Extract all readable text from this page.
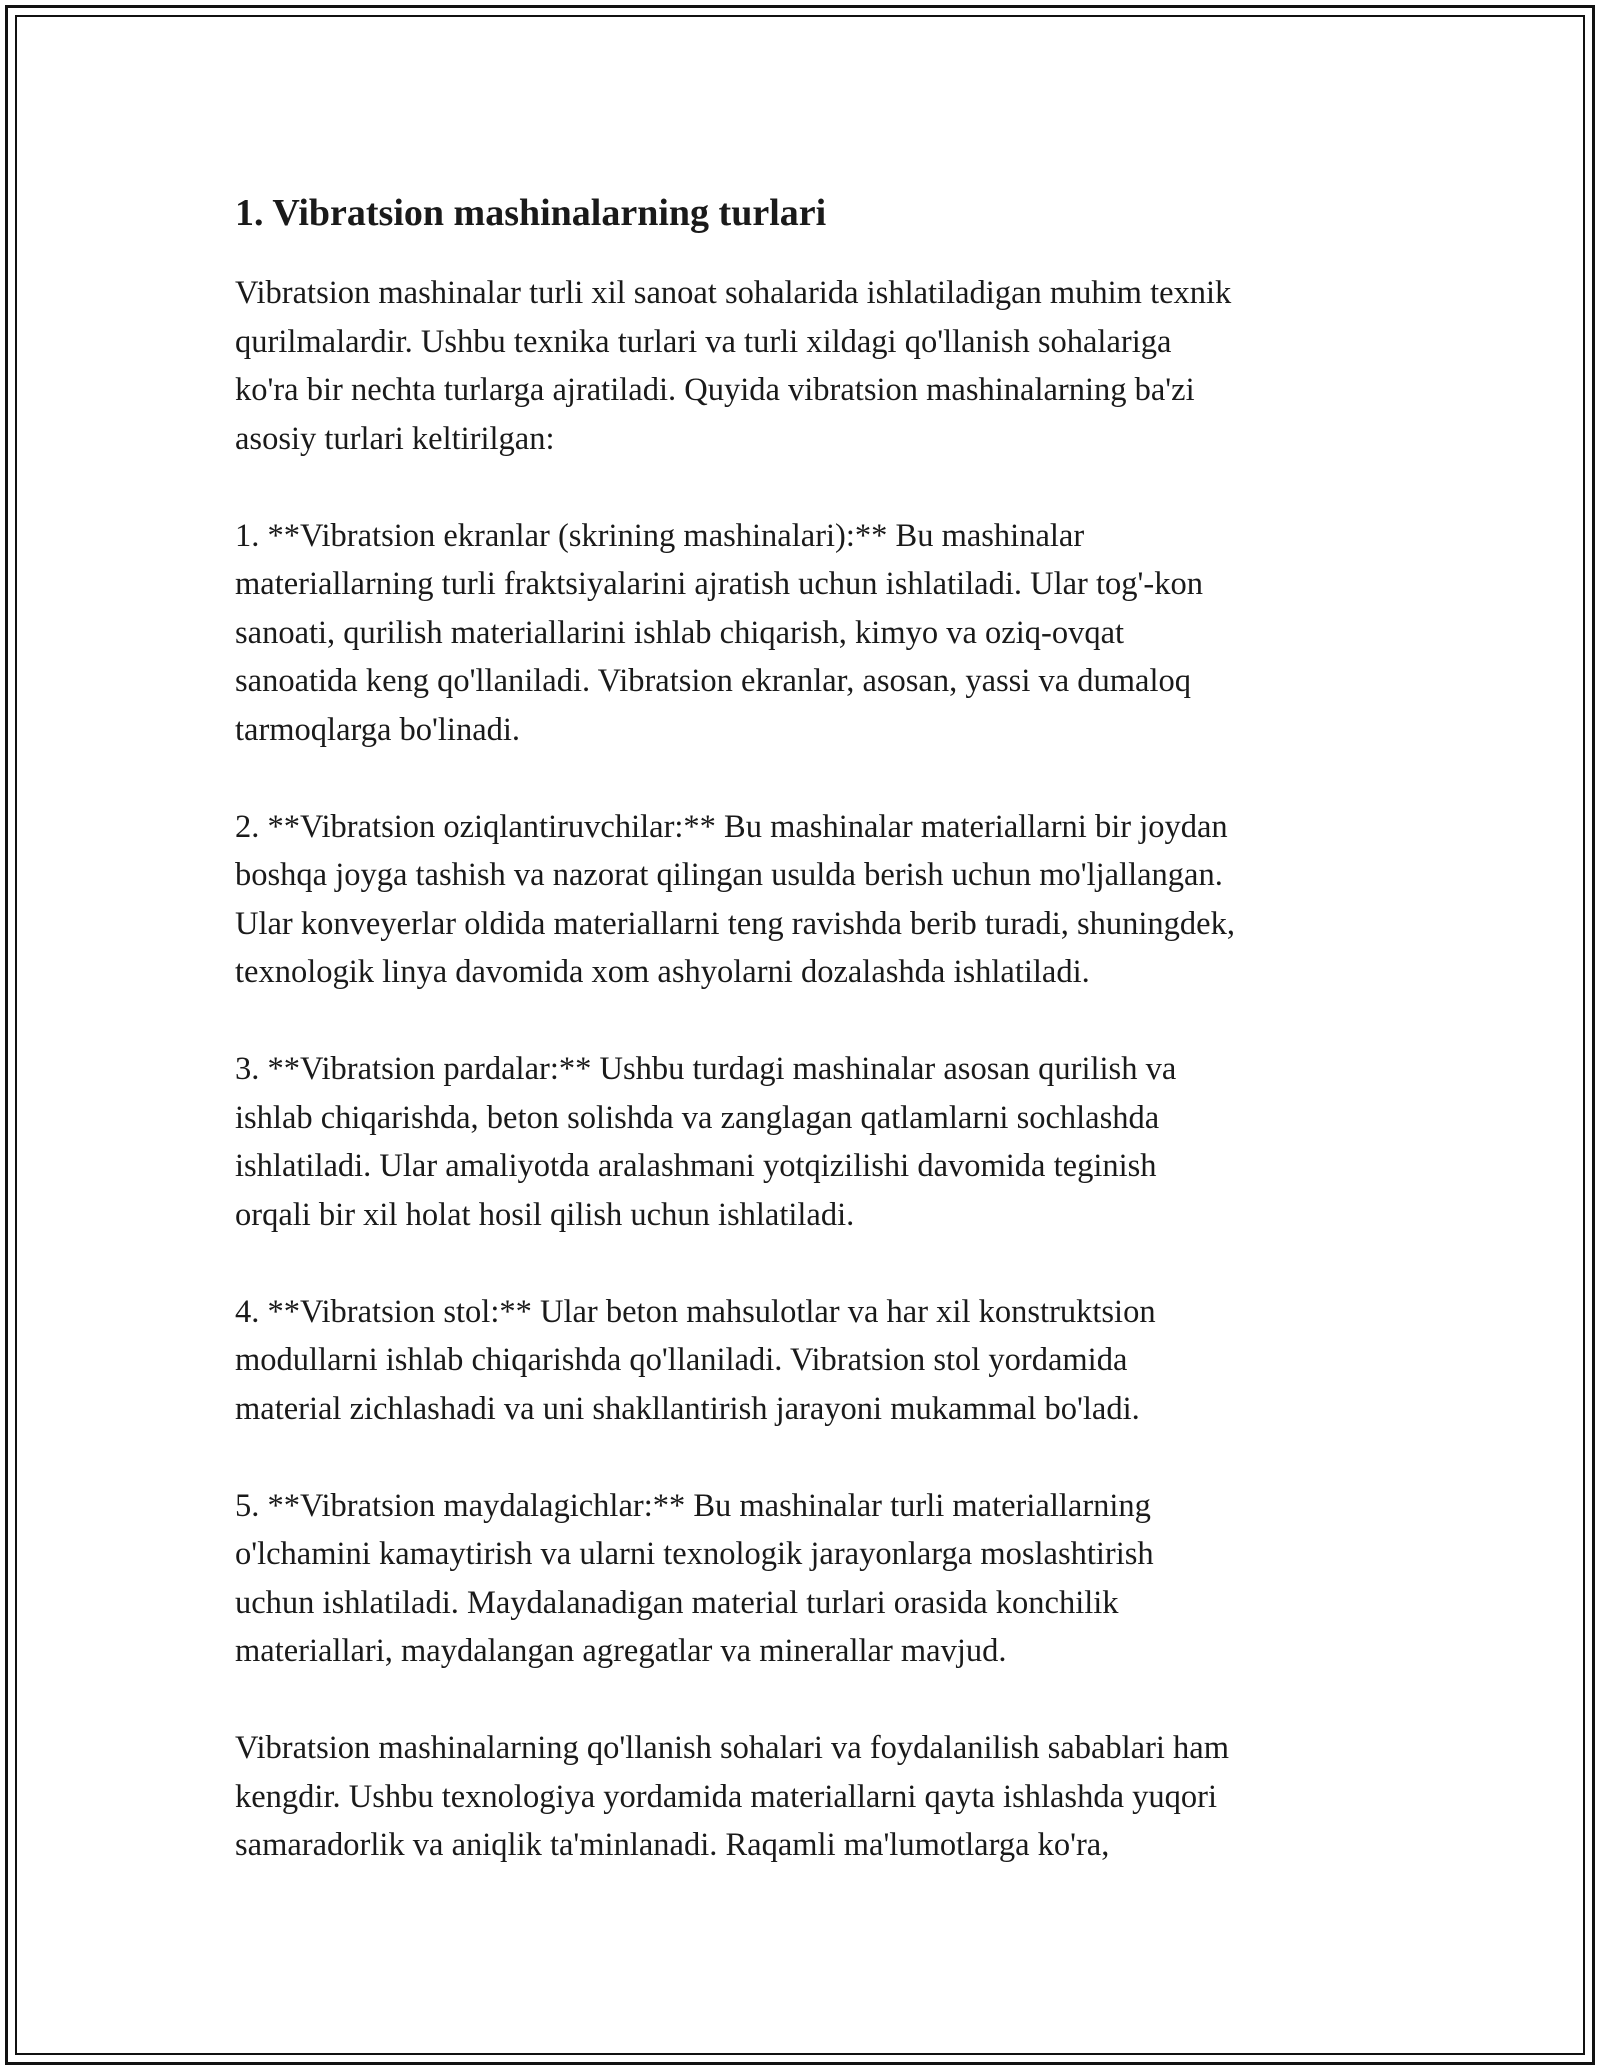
1. Vibratsion mashinalarning turlari

Vibratsion mashinalar turli xil sanoat sohalarida ishlatiladigan muhim texnik
qurilmalardir. Ushbu texnika turlari va turli xildagi qo'llanish sohalariga
ko'ra bir nechta turlarga ajratiladi. Quyida vibratsion mashinalarning ba'zi
asosiy turlari keltirilgan:

1. **Vibratsion ekranlar (skrining mashinalari):** Bu mashinalar
materiallarning turli fraktsiyalarini ajratish uchun ishlatiladi. Ular tog'-kon
sanoati, qurilish materiallarini ishlab chiqarish, kimyo va oziq-ovqat
sanoatida keng qo'llaniladi. Vibratsion ekranlar, asosan, yassi va dumaloq
tarmoqlarga bo'linadi.

2. **Vibratsion oziqlantiruvchilar:** Bu mashinalar materiallarni bir joydan
boshqa joyga tashish va nazorat qilingan usulda berish uchun mo'ljallangan.
Ular konveyerlar oldida materiallarni teng ravishda berib turadi, shuningdek,
texnologik linya davomida xom ashyolarni dozalashda ishlatiladi.

3. **Vibratsion pardalar:** Ushbu turdagi mashinalar asosan qurilish va
ishlab chiqarishda, beton solishda va zanglagan qatlamlarni sochlashda
ishlatiladi. Ular amaliyotda aralashmani yotqizilishi davomida teginish
orqali bir xil holat hosil qilish uchun ishlatiladi.

4. **Vibratsion stol:** Ular beton mahsulotlar va har xil konstruktsion
modullarni ishlab chiqarishda qo'llaniladi. Vibratsion stol yordamida
material zichlashadi va uni shakllantirish jarayoni mukammal bo'ladi.

5. **Vibratsion maydalagichlar:** Bu mashinalar turli materiallarning
o'lchamini kamaytirish va ularni texnologik jarayonlarga moslashtirish
uchun ishlatiladi. Maydalanadigan material turlari orasida konchilik
materiallari, maydalangan agregatlar va minerallar mavjud.

Vibratsion mashinalarning qo'llanish sohalari va foydalanilish sabablari ham
kengdir. Ushbu texnologiya yordamida materiallarni qayta ishlashda yuqori
samaradorlik va aniqlik ta'minlanadi. Raqamli ma'lumotlarga ko'ra,
